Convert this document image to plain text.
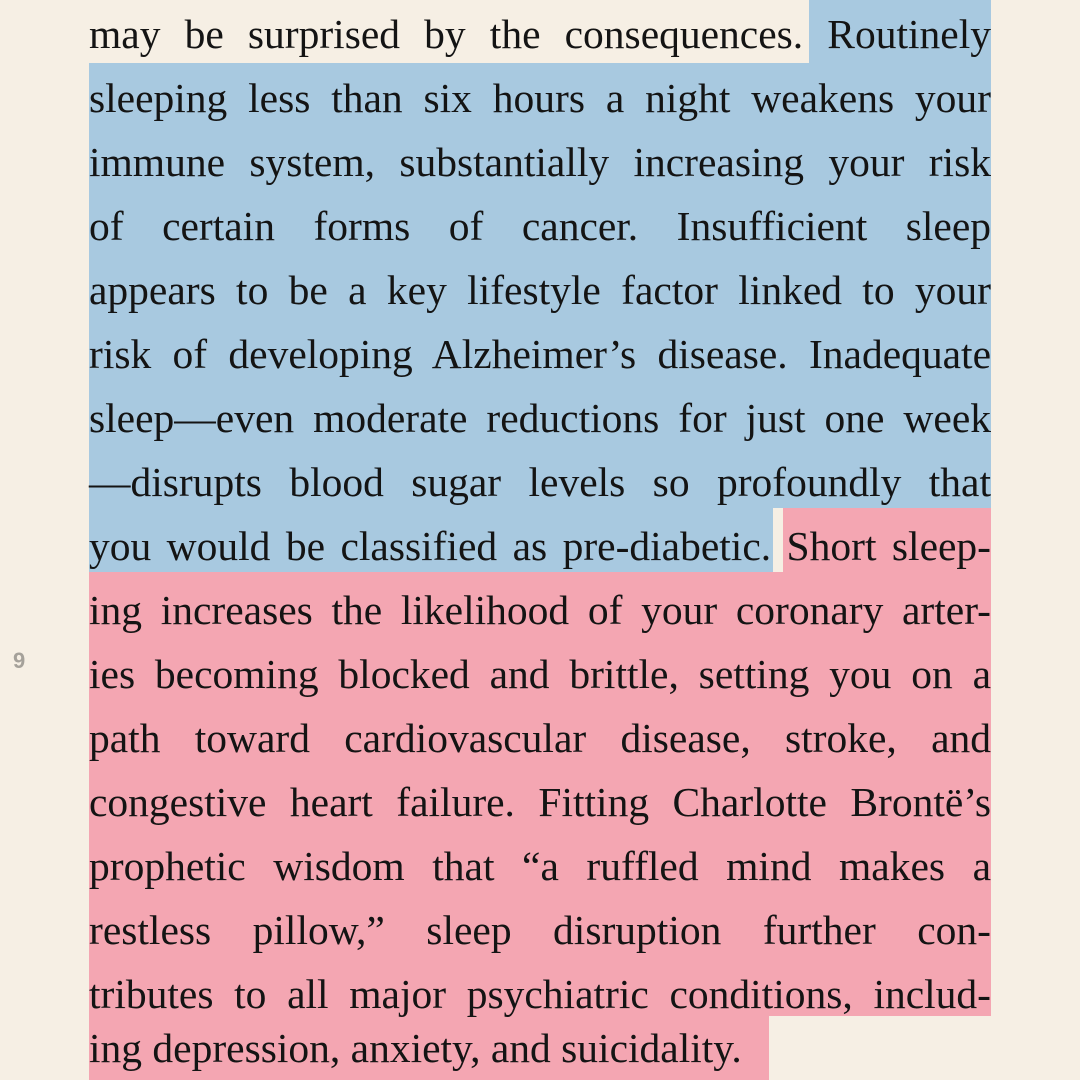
9
may be surprised by the consequences. Routinely
sleeping less than six hours a night weakens your
immune system, substantially increasing your risk
of certain forms of cancer. Insufficient sleep
appears to be a key lifestyle factor linked to your
risk of developing Alzheimer’s disease. Inadequate
sleep—even moderate reductions for just one week
—disrupts blood sugar levels so profoundly that
you would be classified as pre-diabetic. Short sleep-
ing increases the likelihood of your coronary arter-
ies becoming blocked and brittle, setting you on a
path toward cardiovascular disease, stroke, and
congestive heart failure. Fitting Charlotte Brontë’s
prophetic wisdom that “a ruffled mind makes a
restless pillow,” sleep disruption further con-
tributes to all major psychiatric conditions, includ-
ing depression, anxiety, and suicidality.
